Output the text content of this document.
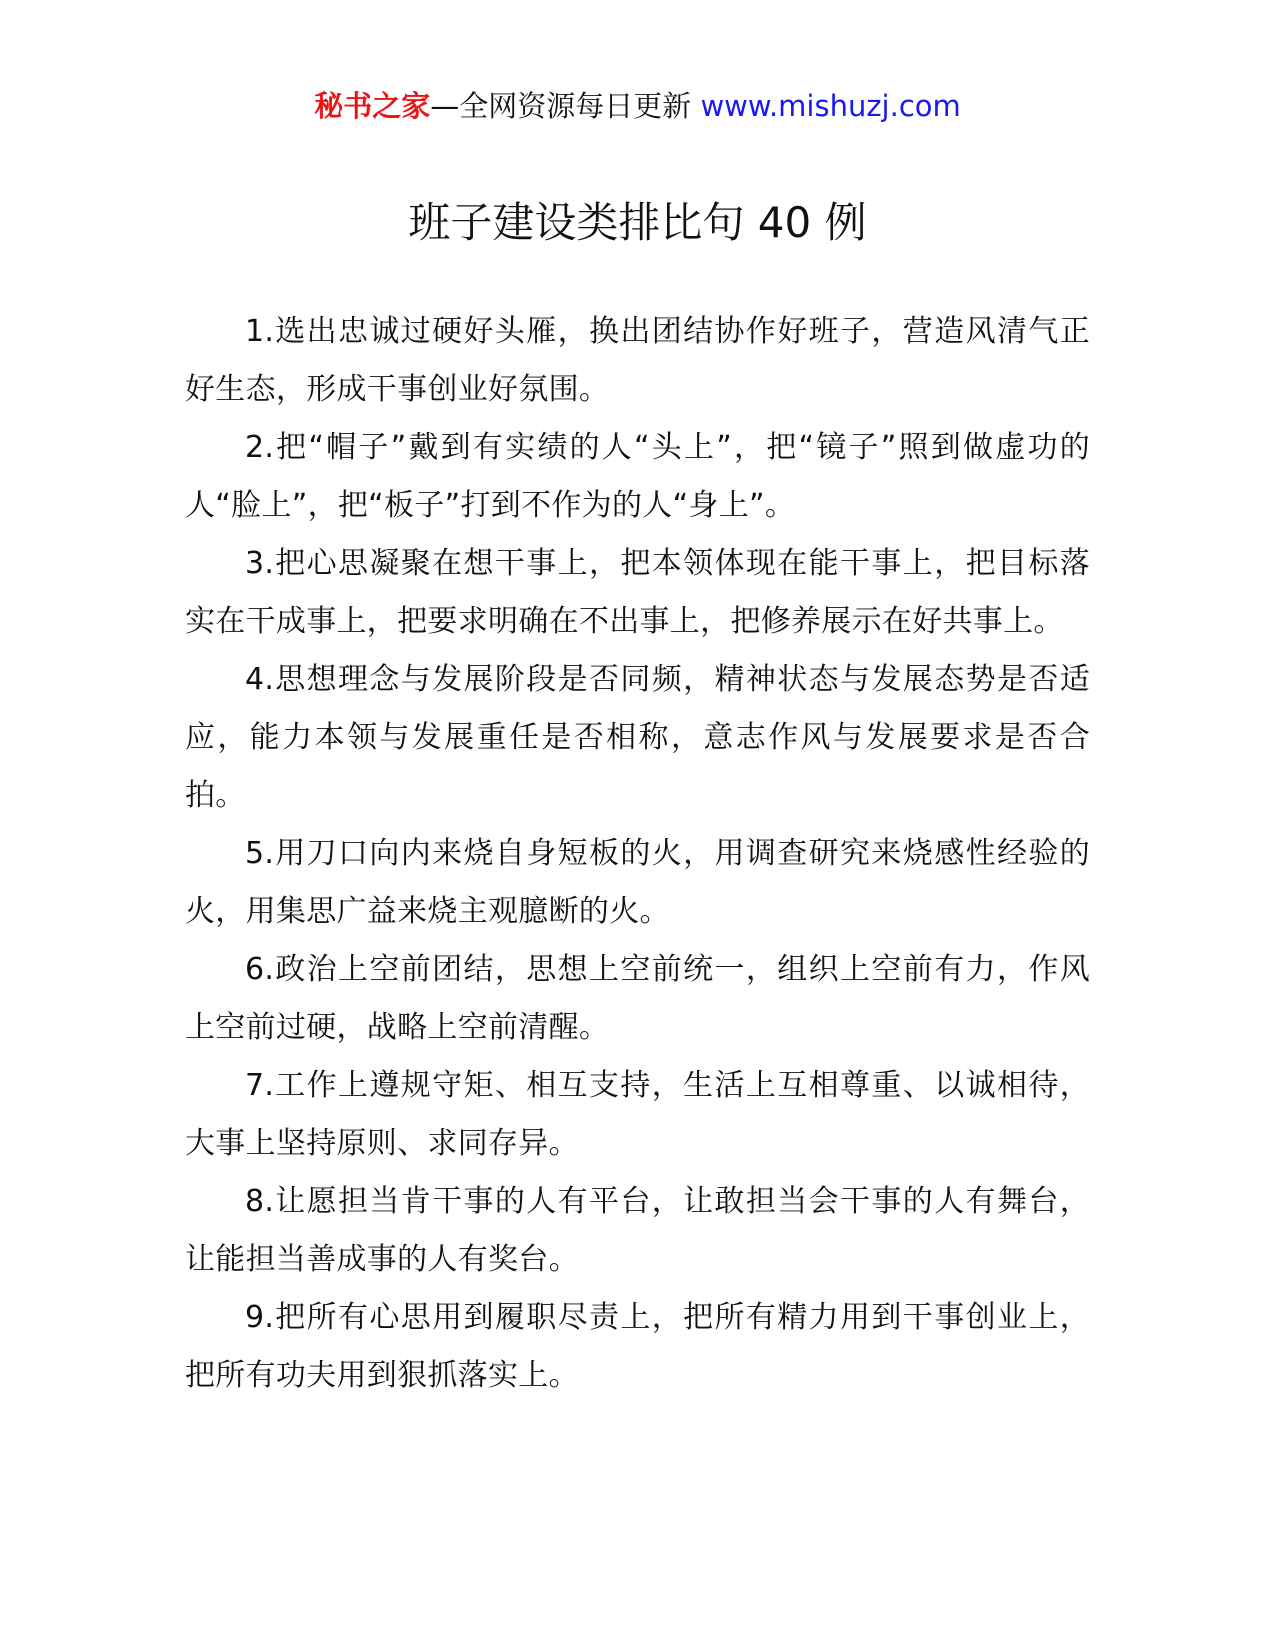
秘书之家—全网资源每日更新 www.mishuzj.com
班子建设类排比句 40 例

1.选出忠诚过硬好头雁，换出团结协作好班子，营造风清气正好生态，形成干事创业好氛围。

2.把“帽子”戴到有实绩的人“头上”，把“镜子”照到做虚功的人“脸上”，把“板子”打到不作为的人“身上”。

3.把心思凝聚在想干事上，把本领体现在能干事上，把目标落实在干成事上，把要求明确在不出事上，把修养展示在好共事上。

4.思想理念与发展阶段是否同频，精神状态与发展态势是否适应，能力本领与发展重任是否相称，意志作风与发展要求是否合拍。

5.用刀口向内来烧自身短板的火，用调查研究来烧感性经验的火，用集思广益来烧主观臆断的火。

6.政治上空前团结，思想上空前统一，组织上空前有力，作风上空前过硬，战略上空前清醒。

7.工作上遵规守矩、相互支持，生活上互相尊重、以诚相待，大事上坚持原则、求同存异。

8.让愿担当肯干事的人有平台，让敢担当会干事的人有舞台，让能担当善成事的人有奖台。

9.把所有心思用到履职尽责上，把所有精力用到干事创业上，把所有功夫用到狠抓落实上。
